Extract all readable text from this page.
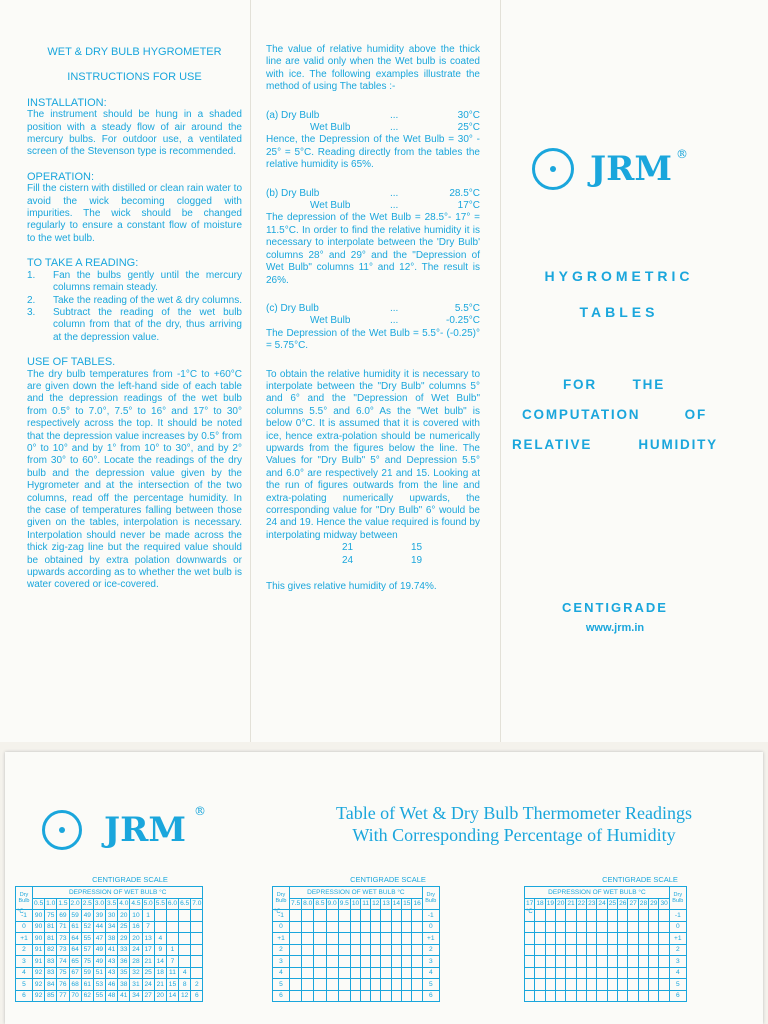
WET & DRY BULB HYGROMETER

INSTRUCTIONS FOR USE

INSTALLATION:

The instrument should be hung in a shaded position with a steady flow of air around the mercury bulbs. For outdoor use, a ventilated screen of the Stevenson type is recommended.

OPERATION:

Fill the cistern with distilled or clean rain water to avoid the wick becoming clogged with impurities. The wick should be changed regularly to ensure a constant flow of moisture to the wet bulb.

TO TAKE A READING:

1.	Fan the bulbs gently until the mercury columns remain steady.
2.	Take the reading of the wet & dry columns.
3.	Subtract the reading of the wet bulb column from that of the dry, thus arriving at the depression value.

USE OF TABLES.

The dry bulb temperatures from -1°C to +60°C are given down the left-hand side of each table and the depression readings of the wet bulb from 0.5° to 7.0°, 7.5° to 16° and 17° to 30° respectively across the top. It should be noted that the depression value increases by 0.5° from 0° to 10° and by 1° from 10° to 30°, and by 2° from 30° to 60°. Locate the readings of the dry bulb and the depression value given by the Hygrometer and at the intersection of the two columns, read off the percentage humidity. In the case of temperatures falling between those given on the tables, interpolation is necessary. Interpolation should never be made across the thick zig-zag line but the required value should be obtained by extra polation downwards or upwards according as to whether the wet bulb is water covered or ice-covered.

The value of relative humidity above the thick line are valid only when the Wet bulb is coated with ice. The following examples illustrate the method of using The tables :-

(a) Dry Bulb	...	30°C
Wet Bulb	...	25°C

Hence, the Depression of the Wet Bulb = 30° - 25° = 5°C. Reading directly from the tables the relative humidity is 65%.

(b) Dry Bulb	...	28.5°C
Wet Bulb	...	17°C

The depression of the Wet Bulb = 28.5°- 17° = 11.5°C. In order to find the relative humidity it is necessary to interpolate between the 'Dry Bulb' columns 28° and 29° and the "Depression of Wet Bulb" columns 11° and 12°. The result is 26%.

(c) Dry Bulb	...	5.5°C
Wet Bulb	...	-0.25°C

The Depression of the Wet Bulb = 5.5°- (-0.25)° = 5.75°C.

To obtain the relative humidity it is necessary to interpolate between the "Dry Bulb" columns 5° and 6° and the "Depression of Wet Bulb" columns 5.5° and 6.0° As the "Wet bulb" is below 0°C. It is assumed that it is covered with ice, hence extra-polation should be numerically upwards from the figures below the line. The Values for "Dry Bulb" 5° and Depression 5.5° and 6.0° are respectively 21 and 15. Looking at the run of figures outwards from the line and extra-polating numerically upwards, the corresponding value for "Dry Bulb" 6° would be 24 and 19. Hence the value required is found by interpolating midway between

21	15
24	19

This gives relative humidity of 19.74%.

JRM ®
HYGROMETRIC
TABLES
FOR	THE
COMPUTATION	OF
RELATIVE	HUMIDITY
CENTIGRADE
www.jrm.in
JRM ®	Table of Wet & Dry Bulb Thermometer Readings
With Corresponding Percentage of Humidity
CENTIGRADE SCALE
Dry Bulb	DEPRESSION OF WET BULB °C													
	0.5	1.0	1.5	2.0	2.5	3.0	3.5	4.0	4.5	5.0	5.5	6.0	6.5	7.0
-1	90	75	69	59	49	39	30	20	10	1				
0	90	81	71	61	52	44	34	25	16	7				
+1	90	81	73	64	55	47	38	29	20	13	4			
2	91	82	73	64	57	49	41	33	24	17	9	1		
3	91	83	74	65	75	49	43	36	28	21	14	7		
4	92	83	75	67	59	51	43	35	32	25	18	11	4	
5	92	84	76	68	61	53	46	38	31	24	21	15	8	2
6	92	85	77	70	62	55	48	41	34	27	20	14	12	6
°C
CENTIGRADE SCALE
Dry Bulb	DEPRESSION OF WET BULB °C												Dry Bulb
	7.5	8.0	8.5	9.0	9.5	10	11	12	13	14	15	16	
-1													-1
0													0
+1													+1
2													2
3													3
4													4
5													5
6													6
°C
CENTIGRADE SCALE
DEPRESSION OF WET BULB °C														Dry Bulb
17	18	19	20	21	22	23	24	25	26	27	28	29	30	
														-1
														0
														+1
														2
														3
														4
														5
														6
°C
